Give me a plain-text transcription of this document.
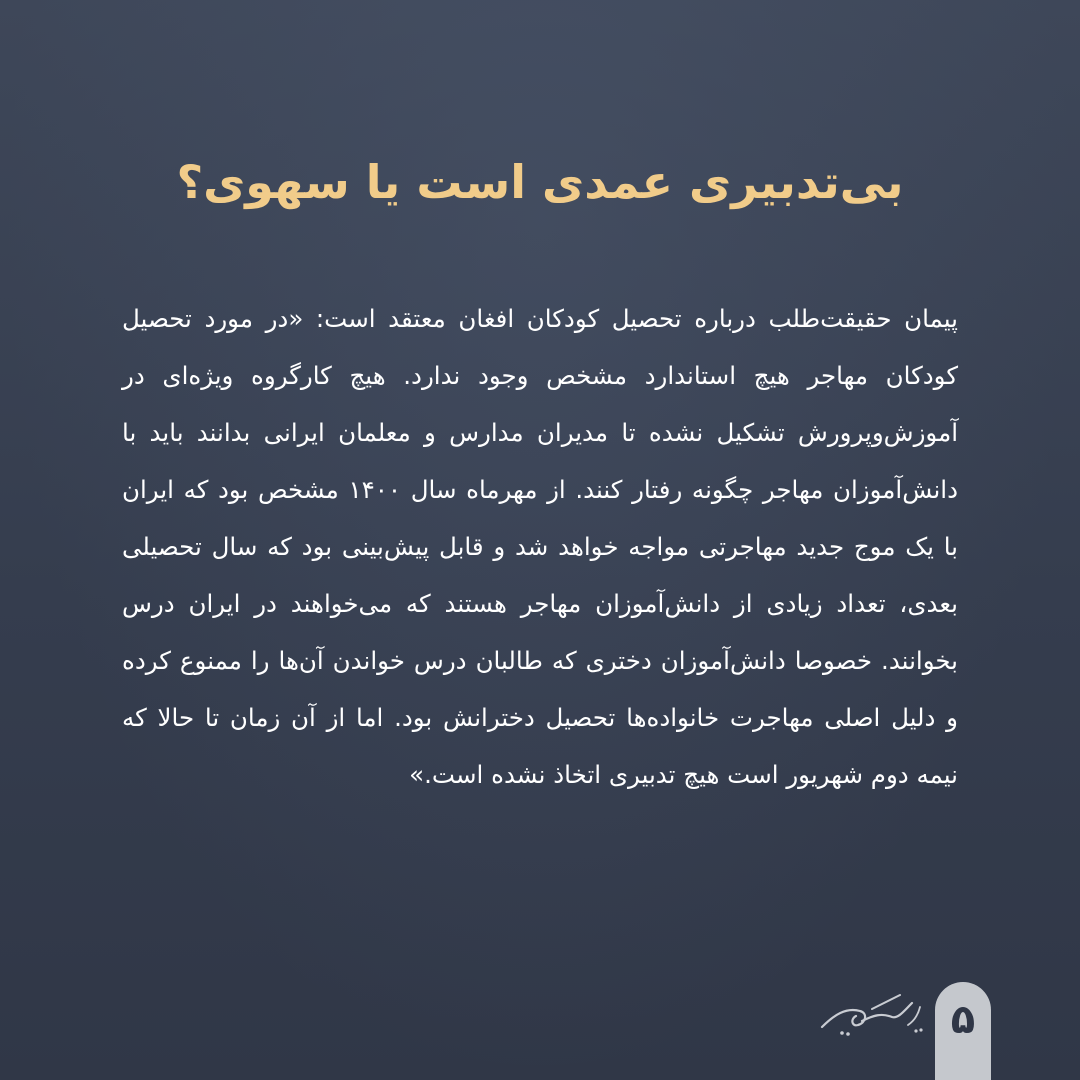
بی‌تدبیری عمدی است یا سهوی؟

پیمان حقیقت‌طلب درباره تحصیل کودکان افغان معتقد است: «در مورد تحصیل کودکان مهاجر هیچ استاندارد مشخص وجود ندارد. هیچ کارگروه ویژه‌ای در آموزش‌وپرورش تشکیل نشده تا مدیران مدارس و معلمان ایرانی بدانند باید با دانش‌آموزان مهاجر چگونه رفتار کنند. از مهرماه سال ۱۴۰۰ مشخص بود که ایران با یک موج جدید مهاجرتی مواجه خواهد شد و قابل پیش‌بینی بود که سال تحصیلی بعدی، تعداد زیادی از دانش‌آموزان مهاجر هستند که می‌خواهند در ایران درس بخوانند. خصوصا دانش‌آموزان دختری که طالبان درس خواندن آن‌ها را ممنوع کرده و دلیل اصلی مهاجرت خانواده‌ها تحصیل دخترانش بود. اما از آن زمان تا حالا که نیمه دوم شهریور است هیچ تدبیری اتخاذ نشده است.»

۵
